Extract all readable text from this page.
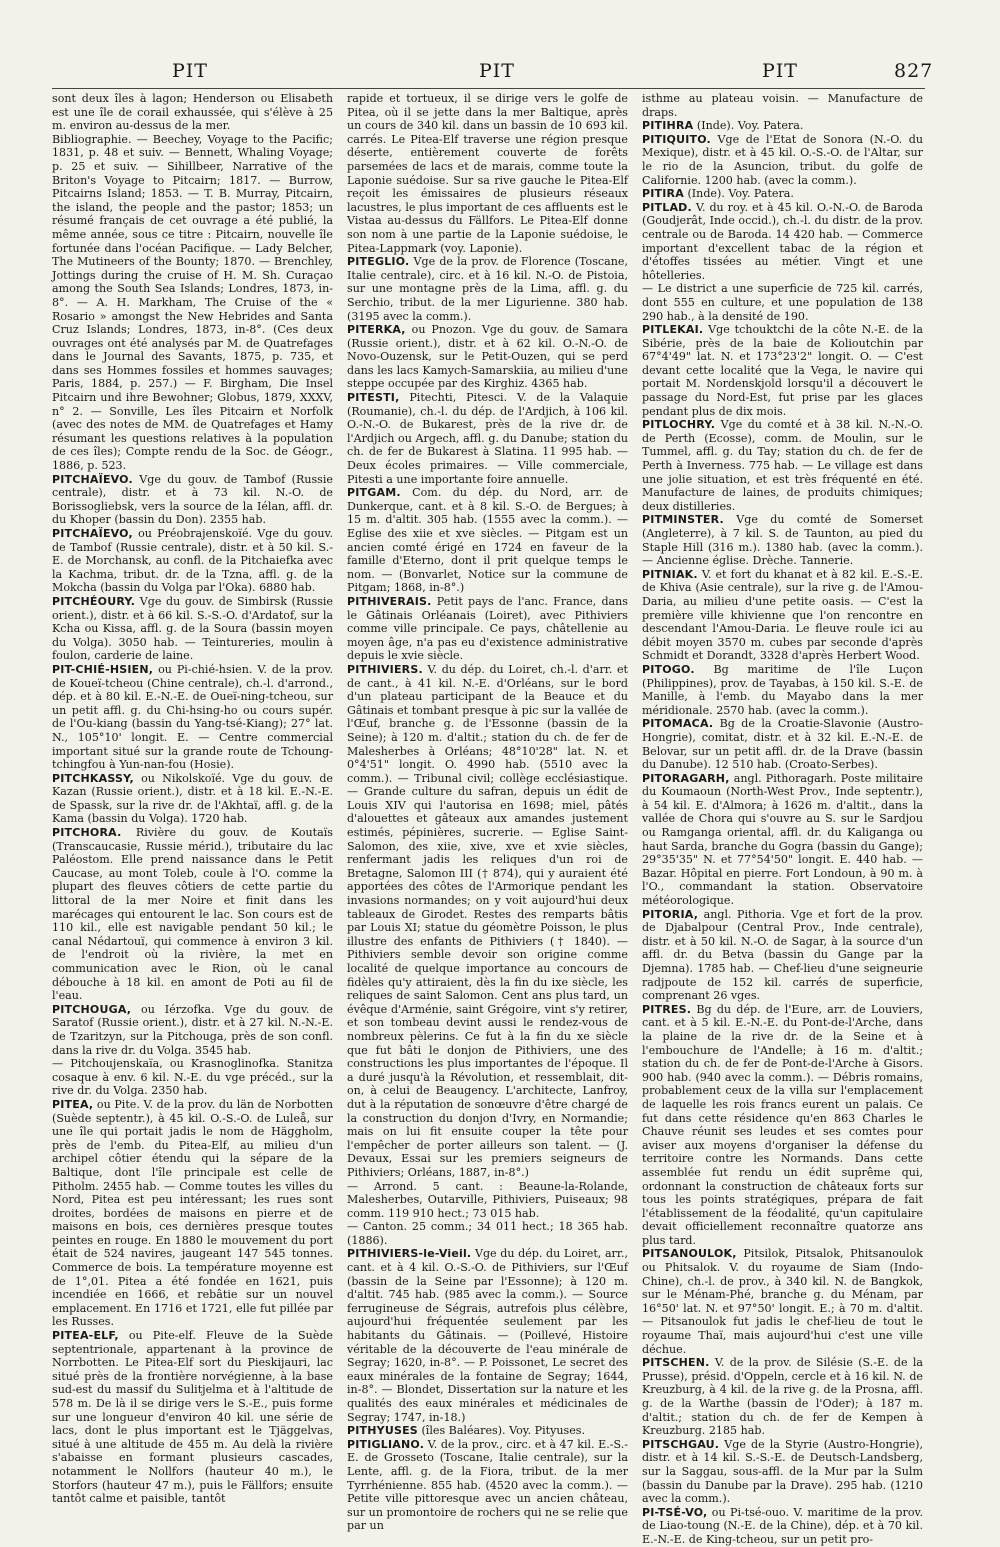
PIT	PIT	PIT	827

sont deux îles à lagon; Henderson ou Elisabeth est une île de corail exhaussée, qui s'élève à 25 m. environ au-dessus de la mer.

Bibliographie. — Beechey, Voyage to the Pacific; 1831, p. 48 et suiv. — Bennett, Whaling Voyage; p. 25 et suiv. — Sihillbeer, Narrative of the Briton's Voyage to Pitcairn; 1817. — Burrow, Pitcairns Island; 1853. — T. B. Murray, Pitcairn, the island, the people and the pastor; 1853; un résumé français de cet ouvrage a été publié, la même année, sous ce titre : Pitcairn, nouvelle île fortunée dans l'océan Pacifique. — Lady Belcher, The Mutineers of the Bounty; 1870. — Brenchley, Jottings during the cruise of H. M. Sh. Curaçao among the South Sea Islands; Londres, 1873, in-8°. — A. H. Markham, The Cruise of the « Rosario » amongst the New Hebrides and Santa Cruz Islands; Londres, 1873, in-8°. (Ces deux ouvrages ont été analysés par M. de Quatrefages dans le Journal des Savants, 1875, p. 735, et dans ses Hommes fossiles et hommes sauvages; Paris, 1884, p. 257.) — F. Birgham, Die Insel Pitcairn und ihre Bewohner; Globus, 1879, XXXV, n° 2. — Sonville, Les îles Pitcairn et Norfolk (avec des notes de MM. de Quatrefages et Hamy résumant les questions relatives à la population de ces îles); Compte rendu de la Soc. de Géogr., 1886, p. 523.

PITCHAÏEVO. Vge du gouv. de Tambof (Russie centrale), distr. et à 73 kil. N.-O. de Borissogliebsk, vers la source de la Iélan, affl. dr. du Khoper (bassin du Don). 2355 hab.

PITCHAÏEVO, ou Préobrajenskoïé. Vge du gouv. de Tambof (Russie centrale), distr. et à 50 kil. S.-E. de Morchansk, au confl. de la Pitchaiefka avec la Kachma, tribut. dr. de la Tzna, affl. g. de la Mokcha (bassin du Volga par l'Oka). 6880 hab.

PITCHÉOURY. Vge du gouv. de Simbirsk (Russie orient.), distr. et à 66 kil. S.-S.-O. d'Ardatof, sur la Kcha ou Kissa, affl. g. de la Soura (bassin moyen du Volga). 3050 hab. — Teintureries, moulin à foulon, carderie de laine.

PIT-CHIÉ-HSIEN, ou Pi-chié-hsien. V. de la prov. de Koueï-tcheou (Chine centrale), ch.-l. d'arrond., dép. et à 80 kil. E.-N.-E. de Oueï-ning-tcheou, sur un petit affl. g. du Chi-hsing-ho ou cours supér. de l'Ou-kiang (bassin du Yang-tsé-Kiang); 27° lat. N., 105°10' longit. E. — Centre commercial important situé sur la grande route de Tchoung-tchingfou à Yun-nan-fou (Hosie).

PITCHKASSY, ou Nikolskoïé. Vge du gouv. de Kazan (Russie orient.), distr. et à 18 kil. E.-N.-E. de Spassk, sur la rive dr. de l'Akhtaï, affl. g. de la Kama (bassin du Volga). 1720 hab.

PITCHORA. Rivière du gouv. de Koutaïs (Transcaucasie, Russie mérid.), tributaire du lac Paléostom. Elle prend naissance dans le Petit Caucase, au mont Toleb, coule à l'O. comme la plupart des fleuves côtiers de cette partie du littoral de la mer Noire et finit dans les marécages qui entourent le lac. Son cours est de 110 kil., elle est navigable pendant 50 kil.; le canal Nédartouï, qui commence à environ 3 kil. de l'endroit où la rivière, la met en communication avec le Rion, où le canal débouche à 18 kil. en amont de Poti au fil de l'eau.

PITCHOUGA, ou Iérzofka. Vge du gouv. de Saratof (Russie orient.), distr. et à 27 kil. N.-N.-E. de Tzaritzyn, sur la Pitchouga, près de son confl. dans la rive dr. du Volga. 3545 hab.

— Pitchoujenskaïa, ou Krasnoglinofka. Stanitza cosaque à env. 6 kil. N.-E. du vge précéd., sur la rive dr. du Volga. 2350 hab.

PITEA, ou Pite. V. de la prov. du län de Norbotten (Suède septentr.), à 45 kil. O.-S.-O. de Luleå, sur une île qui portait jadis le nom de Häggholm, près de l'emb. du Pitea-Elf, au milieu d'un archipel côtier étendu qui la sépare de la Baltique, dont l'île principale est celle de Pitholm. 2455 hab. — Comme toutes les villes du Nord, Pitea est peu intéressant; les rues sont droites, bordées de maisons en pierre et de maisons en bois, ces dernières presque toutes peintes en rouge. En 1880 le mouvement du port était de 524 navires, jaugeant 147 545 tonnes. Commerce de bois. La température moyenne est de 1°,01. Pitea a été fondée en 1621, puis incendiée en 1666, et rebâtie sur un nouvel emplacement. En 1716 et 1721, elle fut pillée par les Russes.

PITEA-ELF, ou Pite-elf. Fleuve de la Suède septentrionale, appartenant à la province de Norrbotten. Le Pitea-Elf sort du Pieskijauri, lac situé près de la frontière norvégienne, à la base sud-est du massif du Sulitjelma et à l'altitude de 578 m. De là il se dirige vers le S.-E., puis forme sur une longueur d'environ 40 kil. une série de lacs, dont le plus important est le Tjäggelvas, situé à une altitude de 455 m. Au delà la rivière s'abaisse en formant plusieurs cascades, notamment le Nollfors (hauteur 40 m.), le Storfors (hauteur 47 m.), puis le Fällfors; ensuite tantôt calme et paisible, tantôt

rapide et tortueux, il se dirige vers le golfe de Pitea, où il se jette dans la mer Baltique, après un cours de 340 kil. dans un bassin de 10 693 kil. carrés. Le Pitea-Elf traverse une région presque déserte, entièrement couverte de forêts parsemées de lacs et de marais, comme toute la Laponie suédoise. Sur sa rive gauche le Pitea-Elf reçoit les émissaires de plusieurs réseaux lacustres, le plus important de ces affluents est le Vistaa au-dessus du Fällfors. Le Pitea-Elf donne son nom à une partie de la Laponie suédoise, le Pitea-Lappmark (voy. Laponie).

PITEGLIO. Vge de la prov. de Florence (Toscane, Italie centrale), circ. et à 16 kil. N.-O. de Pistoia, sur une montagne près de la Lima, affl. g. du Serchio, tribut. de la mer Ligurienne. 380 hab. (3195 avec la comm.).

PITERKA, ou Pnozon. Vge du gouv. de Samara (Russie orient.), distr. et à 62 kil. O.-N.-O. de Novo-Ouzensk, sur le Petit-Ouzen, qui se perd dans les lacs Kamych-Samarskiia, au milieu d'une steppe occupée par des Kirghiz. 4365 hab.

PITESTI, Pitechti, Pitesci. V. de la Valaquie (Roumanie), ch.-l. du dép. de l'Ardjich, à 106 kil. O.-N.-O. de Bukarest, près de la rive dr. de l'Ardjich ou Argech, affl. g. du Danube; station du ch. de fer de Bukarest à Slatina. 11 995 hab. — Deux écoles primaires. — Ville commerciale, Pitesti a une importante foire annuelle.

PITGAM. Com. du dép. du Nord, arr. de Dunkerque, cant. et à 8 kil. S.-O. de Bergues; à 15 m. d'altit. 305 hab. (1555 avec la comm.). — Eglise des xiie et xve siècles. — Pitgam est un ancien comté érigé en 1724 en faveur de la famille d'Eterno, dont il prit quelque temps le nom. — (Bonvarlet, Notice sur la commune de Pitgam; 1868, in-8°.)

PITHIVERAIS. Petit pays de l'anc. France, dans le Gâtinais Orléanais (Loiret), avec Pithiviers comme ville principale. Ce pays, châtellenie au moyen âge, n'a pas eu d'existence administrative depuis le xvie siècle.

PITHIVIERS. V. du dép. du Loiret, ch.-l. d'arr. et de cant., à 41 kil. N.-E. d'Orléans, sur le bord d'un plateau participant de la Beauce et du Gâtinais et tombant presque à pic sur la vallée de l'Œuf, branche g. de l'Essonne (bassin de la Seine); à 120 m. d'altit.; station du ch. de fer de Malesherbes à Orléans; 48°10'28" lat. N. et 0°4'51" longit. O. 4990 hab. (5510 avec la comm.). — Tribunal civil; collège ecclésiastique. — Grande culture du safran, depuis un édit de Louis XIV qui l'autorisa en 1698; miel, pâtés d'alouettes et gâteaux aux amandes justement estimés, pépinières, sucrerie. — Eglise Saint-Salomon, des xiie, xive, xve et xvie siècles, renfermant jadis les reliques d'un roi de Bretagne, Salomon III († 874), qui y auraient été apportées des côtes de l'Armorique pendant les invasions normandes; on y voit aujourd'hui deux tableaux de Girodet. Restes des remparts bâtis par Louis XI; statue du géomètre Poisson, le plus illustre des enfants de Pithiviers († 1840). — Pithiviers semble devoir son origine comme localité de quelque importance au concours de fidèles qu'y attiraient, dès la fin du ixe siècle, les reliques de saint Salomon. Cent ans plus tard, un évêque d'Arménie, saint Grégoire, vint s'y retirer, et son tombeau devint aussi le rendez-vous de nombreux pèlerins. Ce fut à la fin du xe siècle que fut bâti le donjon de Pithiviers, une des constructions les plus importantes de l'époque. Il a duré jusqu'à la Révolution, et ressemblait, dit-on, à celui de Beaugency. L'architecte, Lanfroy, dut à la réputation de sonœuvre d'être chargé de la construction du donjon d'Ivry, en Normandie; mais on lui fit ensuite couper la tête pour l'empêcher de porter ailleurs son talent. — (J. Devaux, Essai sur les premiers seigneurs de Pithiviers; Orléans, 1887, in-8°.)

— Arrond. 5 cant. : Beaune-la-Rolande, Malesherbes, Outarville, Pithiviers, Puiseaux; 98 comm. 119 910 hect.; 73 015 hab.

— Canton. 25 comm.; 34 011 hect.; 18 365 hab. (1886).

PITHIVIERS-le-Vieil. Vge du dép. du Loiret, arr., cant. et à 4 kil. O.-S.-O. de Pithiviers, sur l'Œuf (bassin de la Seine par l'Essonne); à 120 m. d'altit. 745 hab. (985 avec la comm.). — Source ferrugineuse de Ségrais, autrefois plus célèbre, aujourd'hui fréquentée seulement par les habitants du Gâtinais. — (Poillevé, Histoire véritable de la découverte de l'eau minérale de Segray; 1620, in-8°. — P. Poissonet, Le secret des eaux minérales de la fontaine de Segray; 1644, in-8°. — Blondet, Dissertation sur la nature et les qualités des eaux minérales et médicinales de Segray; 1747, in-18.)

PITHYUSES (îles Baléares). Voy. Pityuses.

PITIGLIANO. V. de la prov., circ. et à 47 kil. E.-S.-E. de Grosseto (Toscane, Italie centrale), sur la Lente, affl. g. de la Fiora, tribut. de la mer Tyrrhénienne. 855 hab. (4520 avec la comm.). — Petite ville pittoresque avec un ancien château, sur un promontoire de rochers qui ne se relie que par un

isthme au plateau voisin. — Manufacture de draps.

PITIHRA (Inde). Voy. Patera.

PITIQUITO. Vge de l'Etat de Sonora (N.-O. du Mexique), distr. et à 45 kil. O.-S.-O. de l'Altar, sur le rio de la Asuncion, tribut. du golfe de Californie. 1200 hab. (avec la comm.).

PITIRA (Inde). Voy. Patera.

PITLAD. V. du roy. et à 45 kil. O.-N.-O. de Baroda (Goudjerât, Inde occid.), ch.-l. du distr. de la prov. centrale ou de Baroda. 14 420 hab. — Commerce important d'excellent tabac de la région et d'étoffes tissées au métier. Vingt et une hôtelleries.

— Le district a une superficie de 725 kil. carrés, dont 555 en culture, et une population de 138 290 hab., à la densité de 190.

PITLEKAI. Vge tchouktchi de la côte N.-E. de la Sibérie, près de la baie de Kolioutchin par 67°4'49" lat. N. et 173°23'2" longit. O. — C'est devant cette localité que la Vega, le navire qui portait M. Nordenskjold lorsqu'il a découvert le passage du Nord-Est, fut prise par les glaces pendant plus de dix mois.

PITLOCHRY. Vge du comté et à 38 kil. N.-N.-O. de Perth (Ecosse), comm. de Moulin, sur le Tummel, affl. g. du Tay; station du ch. de fer de Perth à Inverness. 775 hab. — Le village est dans une jolie situation, et est très fréquenté en été. Manufacture de laines, de produits chimiques; deux distilleries.

PITMINSTER. Vge du comté de Somerset (Angleterre), à 7 kil. S. de Taunton, au pied du Staple Hill (316 m.). 1380 hab. (avec la comm.). — Ancienne église. Drèche. Tannerie.

PITNIAK. V. et fort du khanat et à 82 kil. E.-S.-E. de Khiva (Asie centrale), sur la rive g. de l'Amou-Daria, au milieu d'une petite oasis. — C'est la première ville khivienne que l'on rencontre en descendant l'Amou-Daria. Le fleuve roule ici au débit moyen 3570 m. cubes par seconde d'après Schmidt et Dorandt, 3328 d'après Herbert Wood.

PITOGO. Bg maritime de l'île Luçon (Philippines), prov. de Tayabas, à 150 kil. S.-E. de Manille, à l'emb. du Mayabo dans la mer méridionale. 2570 hab. (avec la comm.).

PITOMACA. Bg de la Croatie-Slavonie (Austro-Hongrie), comitat, distr. et à 32 kil. E.-N.-E. de Belovar, sur un petit affl. dr. de la Drave (bassin du Danube). 12 510 hab. (Croato-Serbes).

PITORAGARH, angl. Pithoragarh. Poste militaire du Koumaoun (North-West Prov., Inde septentr.), à 54 kil. E. d'Almora; à 1626 m. d'altit., dans la vallée de Chora qui s'ouvre au S. sur le Sardjou ou Ramganga oriental, affl. dr. du Kaliganga ou haut Sarda, branche du Gogra (bassin du Gange); 29°35'35" N. et 77°54'50" longit. E. 440 hab. — Bazar. Hôpital en pierre. Fort Londoun, à 90 m. à l'O., commandant la station. Observatoire météorologique.

PITORIA, angl. Pithoria. Vge et fort de la prov. de Djabalpour (Central Prov., Inde centrale), distr. et à 50 kil. N.-O. de Sagar, à la source d'un affl. dr. du Betva (bassin du Gange par la Djemna). 1785 hab. — Chef-lieu d'une seigneurie radjpoute de 152 kil. carrés de superficie, comprenant 26 vges.

PITRES. Bg du dép. de l'Eure, arr. de Louviers, cant. et à 5 kil. E.-N.-E. du Pont-de-l'Arche, dans la plaine de la rive dr. de la Seine et à l'embouchure de l'Andelle; à 16 m. d'altit.; station du ch. de fer de Pont-de-l'Arche à Gisors. 900 hab. (940 avec la comm.). — Débris romains, probablement ceux de la villa sur l'emplacement de laquelle les rois francs eurent un palais. Ce fut dans cette résidence qu'en 863 Charles le Chauve réunit ses leudes et ses comtes pour aviser aux moyens d'organiser la défense du territoire contre les Normands. Dans cette assemblée fut rendu un édit suprême qui, ordonnant la construction de châteaux forts sur tous les points stratégiques, prépara de fait l'établissement de la féodalité, qu'un capitulaire devait officiellement reconnaître quatorze ans plus tard.

PITSANOULOK, Pitsilok, Pitsalok, Phitsanoulok ou Phitsalok. V. du royaume de Siam (Indo-Chine), ch.-l. de prov., à 340 kil. N. de Bangkok, sur le Ménam-Phé, branche g. du Ménam, par 16°50' lat. N. et 97°50' longit. E.; à 70 m. d'altit. — Pitsanoulok fut jadis le chef-lieu de tout le royaume Thaï, mais aujourd'hui c'est une ville déchue.

PITSCHEN. V. de la prov. de Silésie (S.-E. de la Prusse), présid. d'Oppeln, cercle et à 16 kil. N. de Kreuzburg, à 4 kil. de la rive g. de la Prosna, affl. g. de la Warthe (bassin de l'Oder); à 187 m. d'altit.; station du ch. de fer de Kempen à Kreuzburg. 2185 hab.

PITSCHGAU. Vge de la Styrie (Austro-Hongrie), distr. et à 14 kil. S.-S.-E. de Deutsch-Landsberg, sur la Saggau, sous-affl. de la Mur par la Sulm (bassin du Danube par la Drave). 295 hab. (1210 avec la comm.).

PI-TSÉ-VO, ou Pi-tsé-ouo. V. maritime de la prov. de Liao-toung (N.-E. de la Chine), dép. et à 70 kil. E.-N.-E. de King-tcheou, sur un petit pro-
